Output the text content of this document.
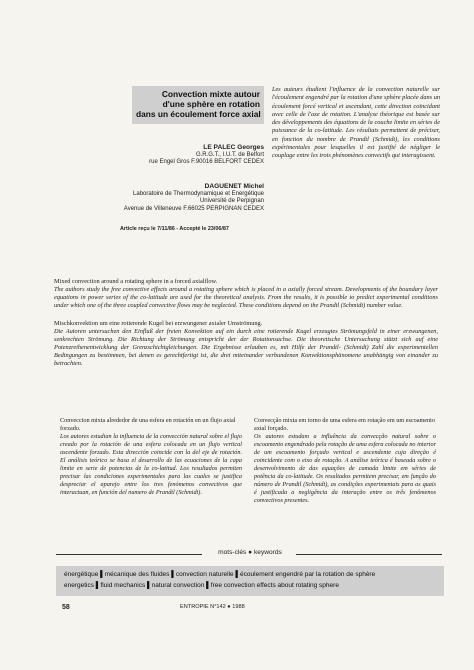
Convection mixte autour
d'une sphère en rotation
dans un écoulement force axial
LE PALEC Georges
G.R.G.T., I.U.T. de Belfort
rue Engel Gros F.90016 BELFORT CEDEX
DAGUENET Michel
Laboratoire de Thermodynamique et Energétique
Université de Perpignan
Avenue de Villeneuve F.66025 PERPIGNAN CEDEX
Article reçu le 7/11/86 - Accepté le 23/06/87
Les auteurs étudient l'influence de la convection naturelle sur l'écoulement engendré par la rotation d'une sphère placée dans un écoulement forcé vertical et ascendant, cette direction coïncidant avec celle de l'axe de rotation. L'analyse théorique est basée sur des développements des équations de la couche limite en séries de puissance de la co-latitude. Les résultats permettent de préciser, en fonction du nombre de Prandtl (Schmidt), les conditions expérimentales pour lesquelles il est justifié de négliger le couplage entre les trois phénomènes convectifs qui interagissent.
Mixed convection around a rotating sphere in a forced axialflow.
The authors study the free convective effects around a rotating sphere which is placed in a axially forced stream. Developments of the boundary layer equations in power series of the co-latitude are used for the theoretical analysis. From the results, it is possible to predict experimental conditions under which one of the three coupled convective flows may be neglected. These conditions depend on the Prandtl (Schmidt) number value.
Mischkonvektion um eine rotierende Kugel bei erzwungener axialer Umströmung.
Die Autoren untersuchen den Einfluß der freien Konvektion auf ein durch eine rotierende Kugel erzeugtes Strömungsfeld in einer erzwungenen, senkrechten Strömung. Die Richtung der Strömung entspricht der der Rotationsachse. Die theoretische Untersuchung stützt sich auf eine Potenzreihenentwicklung der Grenzschichtgleichungen. Die Ergebnisse erlauben es, mit Hilfe der Prandtl- (Schmidt) Zahl die experimentellen Bedingungen zu bestimmen, bei denen es gerechtfertigt ist, die drei miteinander verbundenen Konvektionsphänomene unabhängig von einander zu betrachten.
Conveccion mixta alrededor de una esfera en rotación en un flujo axial forzado.
Los autores estudian la influencia de la convección natural sobre el flujo creado por la rotación de una esfera colocada en un flujo vertical ascendente forzado. Esta dirección coincide con la del eje de rotación. El análisis teórico se basa el desarrollo de las ecuaciones de la capa limite en serie de potencias de la co-latitud. Los resultados permiten precisar las condiciones experimentales para las cuales se justifica despreciar el aparejo entre los tres fenómenos convectivos que interactuan, en función del numero de Prandtl (Schmidt).
Convecção mixta em torno de uma esfera em rotação em um escoamento axial forçado.
Os autores estudam a influência da convecção natural sobre o escoamento engendrado pela rotação de uma esfera colocada no interior de um escoamento forçado vertical e ascendente cuja direção é coincidente com o eixo de rotação. A análise teórica é baseada sobre o desenvolvimento de das equações de camada limite em séries de potência da co-latitude. Os resultados permitem precisar, em função do número de Prandtl (Schmidt), as condições experimentais para as quais é justificada a negligência da interação entre os três fenômenos convectivos presentes.
mots-clés ● keywords
énergétique ▌mécanique des fluides ▌convection naturelle ▌écoulement engendré par la rotation de sphère
energetics ▌fluid mechanics ▌natural convection ▌free convection effects about rotating sphere
58	ENTROPIE N°142 ● 1988
